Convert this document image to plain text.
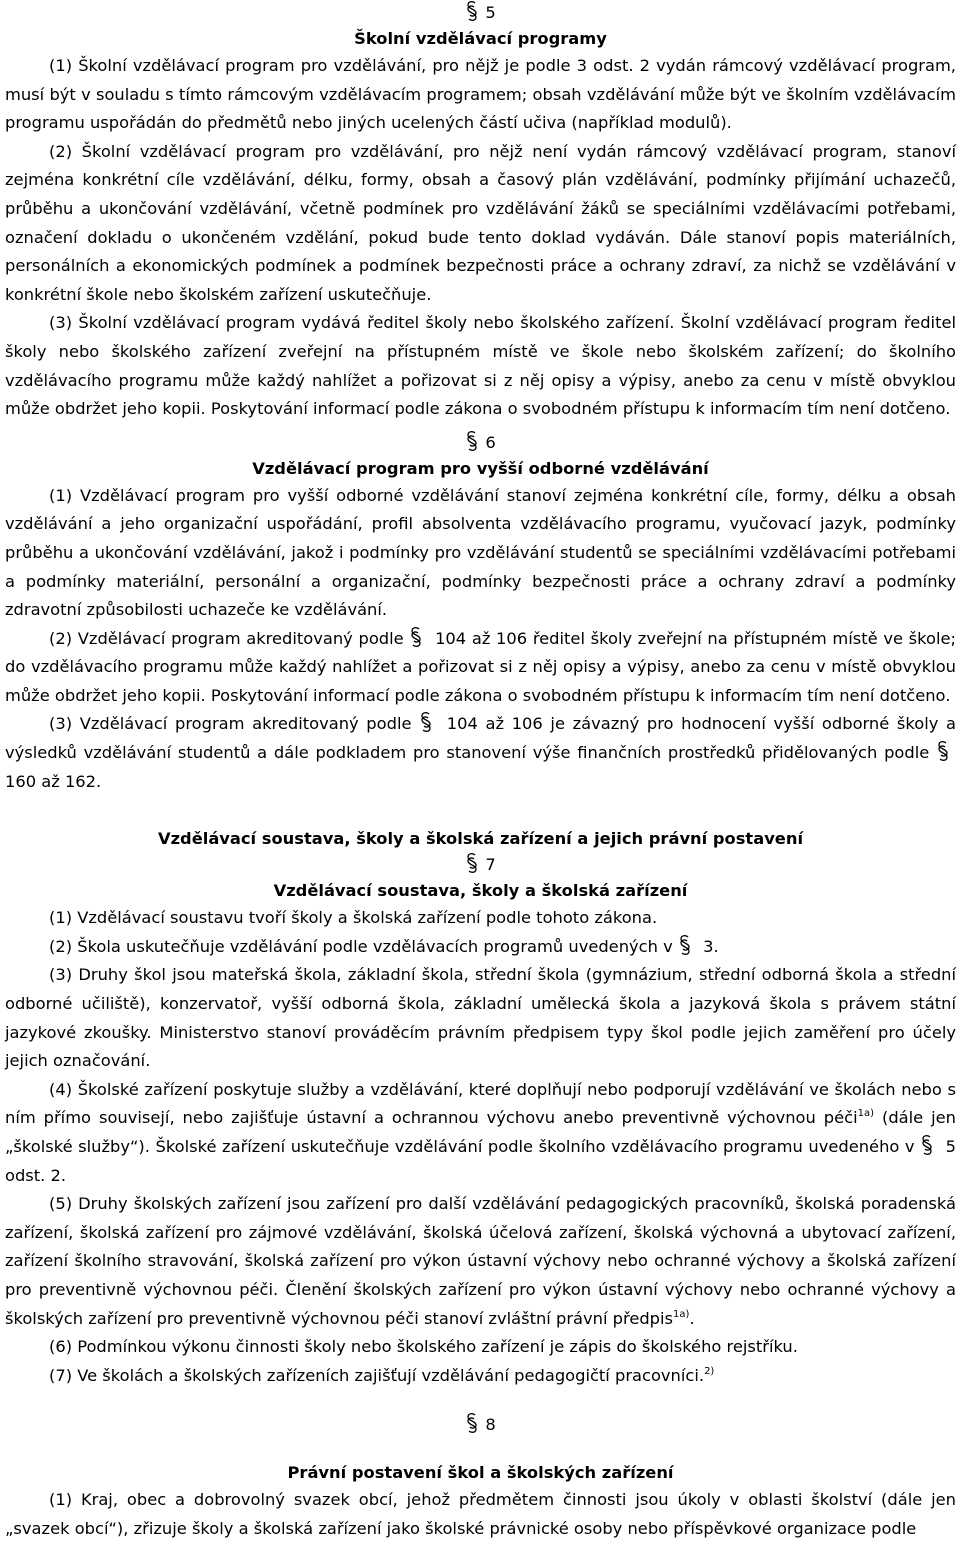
5

Školní vzdělávací programy

(1) Školní vzdělávací program pro vzdělávání, pro nějž je podle 3 odst. 2 vydán rámcový vzdělávací program, musí být v souladu s tímto rámcovým vzdělávacím programem; obsah vzdělávání může být ve školním vzdělávacím programu uspořádán do předmětů nebo jiných ucelených částí učiva (například modulů).

(2) Školní vzdělávací program pro vzdělávání, pro nějž není vydán rámcový vzdělávací program, stanoví zejména konkrétní cíle vzdělávání, délku, formy, obsah a časový plán vzdělávání, podmínky přijímání uchazečů, průběhu a ukončování vzdělávání, včetně podmínek pro vzdělávání žáků se speciálními vzdělávacími potřebami, označení dokladu o ukončeném vzdělání, pokud bude tento doklad vydáván. Dále stanoví popis materiálních, personálních a ekonomických podmínek a podmínek bezpečnosti práce a ochrany zdraví, za nichž se vzdělávání v konkrétní škole nebo školském zařízení uskutečňuje.

(3) Školní vzdělávací program vydává ředitel školy nebo školského zařízení. Školní vzdělávací program ředitel školy nebo školského zařízení zveřejní na přístupném místě ve škole nebo školském zařízení; do školního vzdělávacího programu může každý nahlížet a pořizovat si z něj opisy a výpisy, anebo za cenu v místě obvyklou může obdržet jeho kopii. Poskytování informací podle zákona o svobodném přístupu k informacím tím není dotčeno.

6

Vzdělávací program pro vyšší odborné vzdělávání

(1) Vzdělávací program pro vyšší odborné vzdělávání stanoví zejména konkrétní cíle, formy, délku a obsah vzdělávání a jeho organizační uspořádání, profil absolventa vzdělávacího programu, vyučovací jazyk, podmínky průběhu a ukončování vzdělávání, jakož i podmínky pro vzdělávání studentů se speciálními vzdělávacími potřebami a podmínky materiální, personální a organizační, podmínky bezpečnosti práce a ochrany zdraví a podmínky zdravotní způsobilosti uchazeče ke vzdělávání.

(2) Vzdělávací program akreditovaný podle  104 až 106 ředitel školy zveřejní na přístupném místě ve škole; do vzdělávacího programu může každý nahlížet a pořizovat si z něj opisy a výpisy, anebo za cenu v místě obvyklou může obdržet jeho kopii. Poskytování informací podle zákona o svobodném přístupu k informacím tím není dotčeno.

(3) Vzdělávací program akreditovaný podle  104 až 106 je závazný pro hodnocení vyšší odborné školy a výsledků vzdělávání studentů a dále podkladem pro stanovení výše finančních prostředků přidělovaných podle  160 až 162.

Vzdělávací soustava, školy a školská zařízení a jejich právní postavení

7

Vzdělávací soustava, školy a školská zařízení

(1) Vzdělávací soustavu tvoří školy a školská zařízení podle tohoto zákona.

(2) Škola uskutečňuje vzdělávání podle vzdělávacích programů uvedených v  3.

(3) Druhy škol jsou mateřská škola, základní škola, střední škola (gymnázium, střední odborná škola a střední odborné učiliště), konzervatoř, vyšší odborná škola, základní umělecká škola a jazyková škola s právem státní jazykové zkoušky. Ministerstvo stanoví prováděcím právním předpisem typy škol podle jejich zaměření pro účely jejich označování.

(4) Školské zařízení poskytuje služby a vzdělávání, které doplňují nebo podporují vzdělávání ve školách nebo s ním přímo souvisejí, nebo zajišťuje ústavní a ochrannou výchovu anebo preventivně výchovnou péči$^{1a)}$ (dále jen „školské služby“). Školské zařízení uskutečňuje vzdělávání podle školního vzdělávacího programu uvedeného v  5 odst. 2.

(5) Druhy školských zařízení jsou zařízení pro další vzdělávání pedagogických pracovníků, školská poradenská zařízení, školská zařízení pro zájmové vzdělávání, školská účelová zařízení, školská výchovná a ubytovací zařízení, zařízení školního stravování, školská zařízení pro výkon ústavní výchovy nebo ochranné výchovy a školská zařízení pro preventivně výchovnou péči. Členění školských zařízení pro výkon ústavní výchovy nebo ochranné výchovy a školských zařízení pro preventivně výchovnou péči stanoví zvláštní právní předpis$^{1a)}$.

(6) Podmínkou výkonu činnosti školy nebo školského zařízení je zápis do školského rejstříku.

(7) Ve školách a školských zařízeních zajišťují vzdělávání pedagogičtí pracovníci.$^{2)}$

8

Právní postavení škol a školských zařízení

(1) Kraj, obec a dobrovolný svazek obcí, jehož předmětem činnosti jsou úkoly v oblasti školství (dále jen „svazek obcí“), zřizuje školy a školská zařízení jako školské právnické osoby nebo příspěvkové organizace podle
